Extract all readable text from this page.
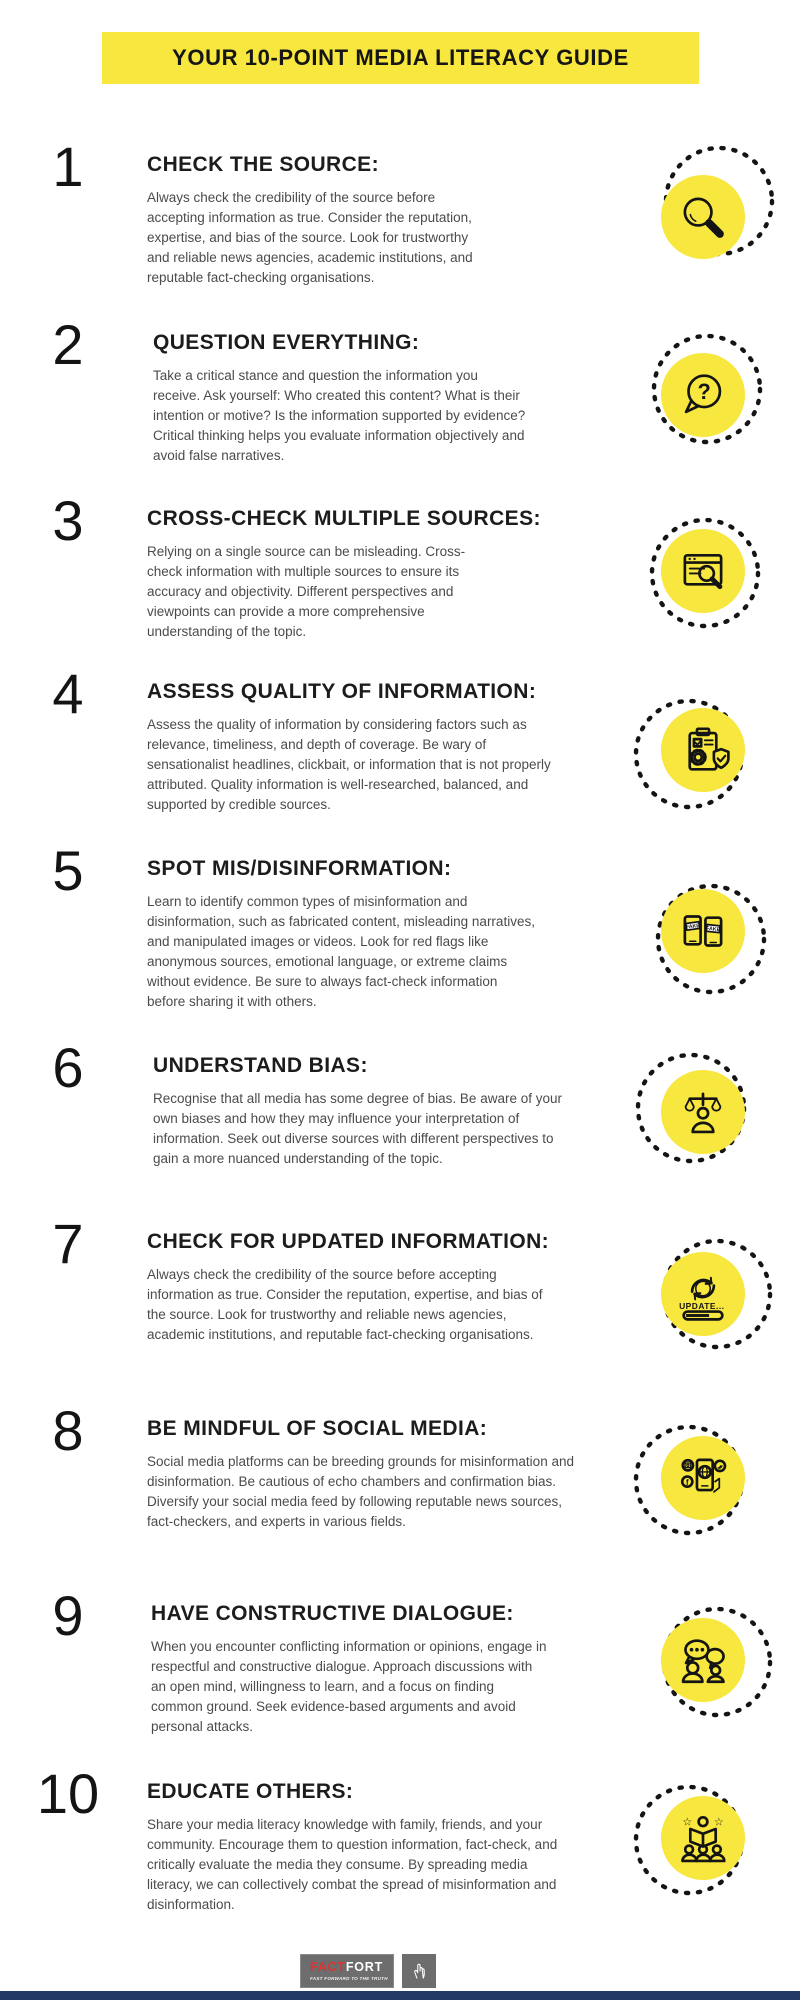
YOUR 10-POINT MEDIA LITERACY GUIDE
1	CHECK THE SOURCE:

Always check the credibility of the source before accepting information as true. Consider the reputation, expertise, and bias of the source. Look for trustworthy and reliable news agencies, academic institutions, and reputable fact-checking organisations.

2	QUESTION EVERYTHING:

Take a critical stance and question the information you receive. Ask yourself: Who created this content? What is their intention or motive? Is the information supported by evidence? Critical thinking helps you evaluate information objectively and avoid false narratives.

?
3	CROSS-CHECK MULTIPLE SOURCES:

Relying on a single source can be misleading. Cross-check information with multiple sources to ensure its accuracy and objectivity. Different perspectives and viewpoints can provide a more comprehensive understanding of the topic.

4	ASSESS QUALITY OF INFORMATION:

Assess the quality of information by considering factors such as relevance, timeliness, and depth of coverage. Be wary of sensationalist headlines, clickbait, or information that is not properly attributed. Quality information is well-researched, balanced, and supported by credible sources.

5	SPOT MIS/DISINFORMATION:

Learn to identify common types of misinformation and disinformation, such as fabricated content, misleading narratives, and manipulated images or videos. Look for red flags like anonymous sources, emotional language, or extreme claims without evidence. Be sure to always fact-check information before sharing it with others.

FAKE FAKE
6	UNDERSTAND BIAS:

Recognise that all media has some degree of bias. Be aware of your own biases and how they may influence your interpretation of information. Seek out diverse sources with different perspectives to gain a more nuanced understanding of the topic.

7	CHECK FOR UPDATED INFORMATION:

Always check the credibility of the source before accepting information as true. Consider the reputation, expertise, and bias of the source. Look for trustworthy and reliable news agencies, academic institutions, and reputable fact-checking organisations.

UPDATE...
8	BE MINDFUL OF SOCIAL MEDIA:

Social media platforms can be breeding grounds for misinformation and disinformation. Be cautious of echo chambers and confirmation bias. Diversify your social media feed by following reputable news sources, fact-checkers, and experts in various fields.

f
9	HAVE CONSTRUCTIVE DIALOGUE:

When you encounter conflicting information or opinions, engage in respectful and constructive dialogue. Approach discussions with an open mind, willingness to learn, and a focus on finding common ground. Seek evidence-based arguments and avoid personal attacks.

10	EDUCATE OTHERS:

Share your media literacy knowledge with family, friends, and your community. Encourage them to question information, fact-check, and critically evaluate the media they consume. By spreading media literacy, we can collectively combat the spread of misinformation and disinformation.

☆ ☆
FACTFORT
FAST FORWARD TO THE TRUTH
